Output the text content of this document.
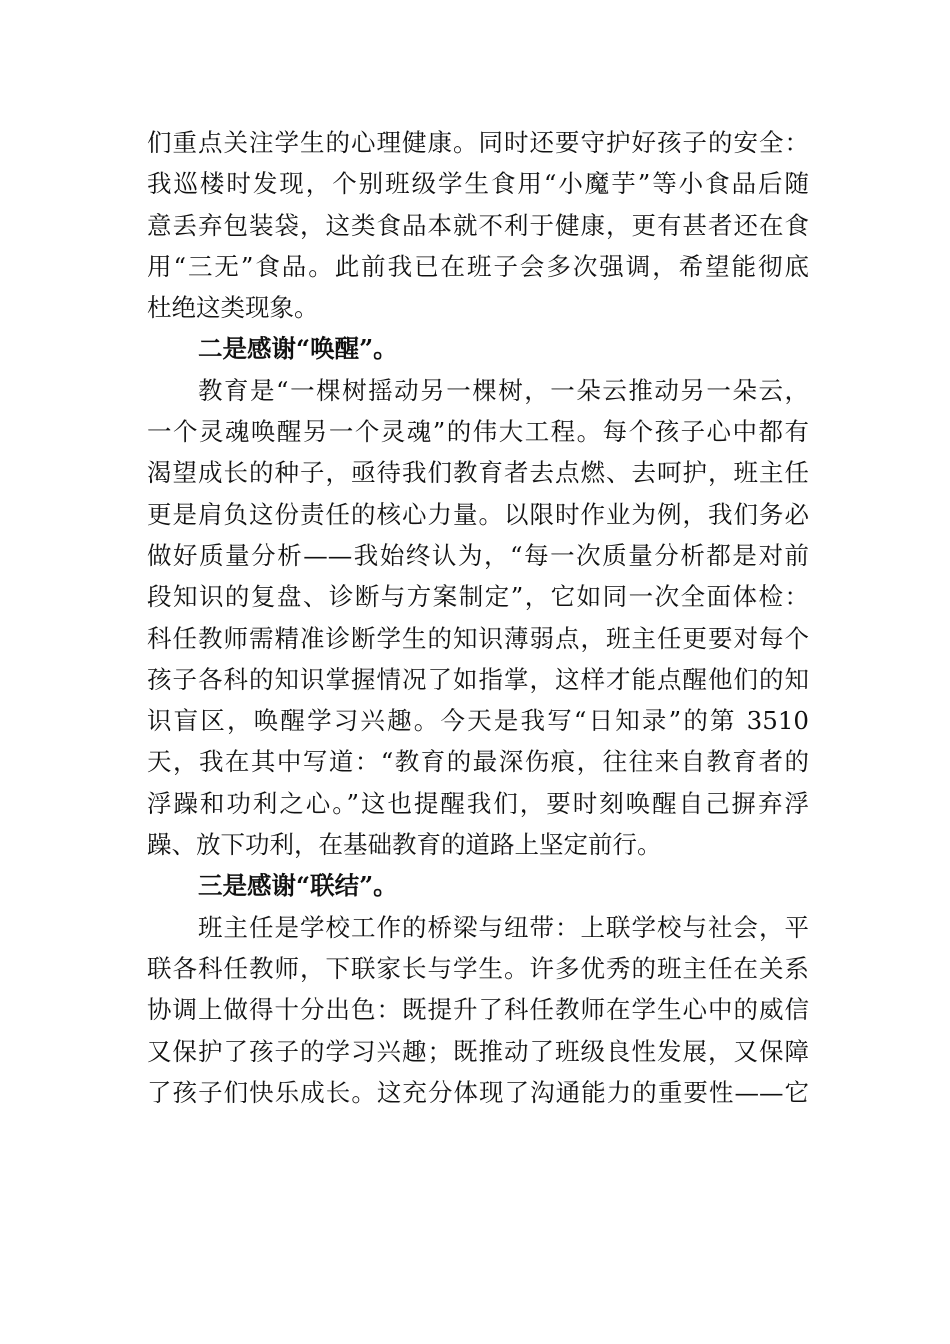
们重点关注学生的心理健康。同时还要守护好孩子的安全：
我巡楼时发现，个别班级学生食用“小魔芋”等小食品后随
意丢弃包装袋，这类食品本就不利于健康，更有甚者还在食
用“三无”食品。此前我已在班子会多次强调，希望能彻底
杜绝这类现象。
二是感谢“唤醒”。
教育是“一棵树摇动另一棵树，一朵云推动另一朵云，
一个灵魂唤醒另一个灵魂”的伟大工程。每个孩子心中都有
渴望成长的种子，亟待我们教育者去点燃、去呵护，班主任
更是肩负这份责任的核心力量。以限时作业为例，我们务必
做好质量分析——我始终认为，“每一次质量分析都是对前
段知识的复盘、诊断与方案制定”，它如同一次全面体检：
科任教师需精准诊断学生的知识薄弱点，班主任更要对每个
孩子各科的知识掌握情况了如指掌，这样才能点醒他们的知
识盲区，唤醒学习兴趣。今天是我写“日知录”的第 3510
天，我在其中写道：“教育的最深伤痕，往往来自教育者的
浮躁和功利之心。”这也提醒我们，要时刻唤醒自己摒弃浮
躁、放下功利，在基础教育的道路上坚定前行。
三是感谢“联结”。
班主任是学校工作的桥梁与纽带：上联学校与社会，平
联各科任教师，下联家长与学生。许多优秀的班主任在关系
协调上做得十分出色：既提升了科任教师在学生心中的威信
又保护了孩子的学习兴趣；既推动了班级良性发展，又保障
了孩子们快乐成长。这充分体现了沟通能力的重要性——它
